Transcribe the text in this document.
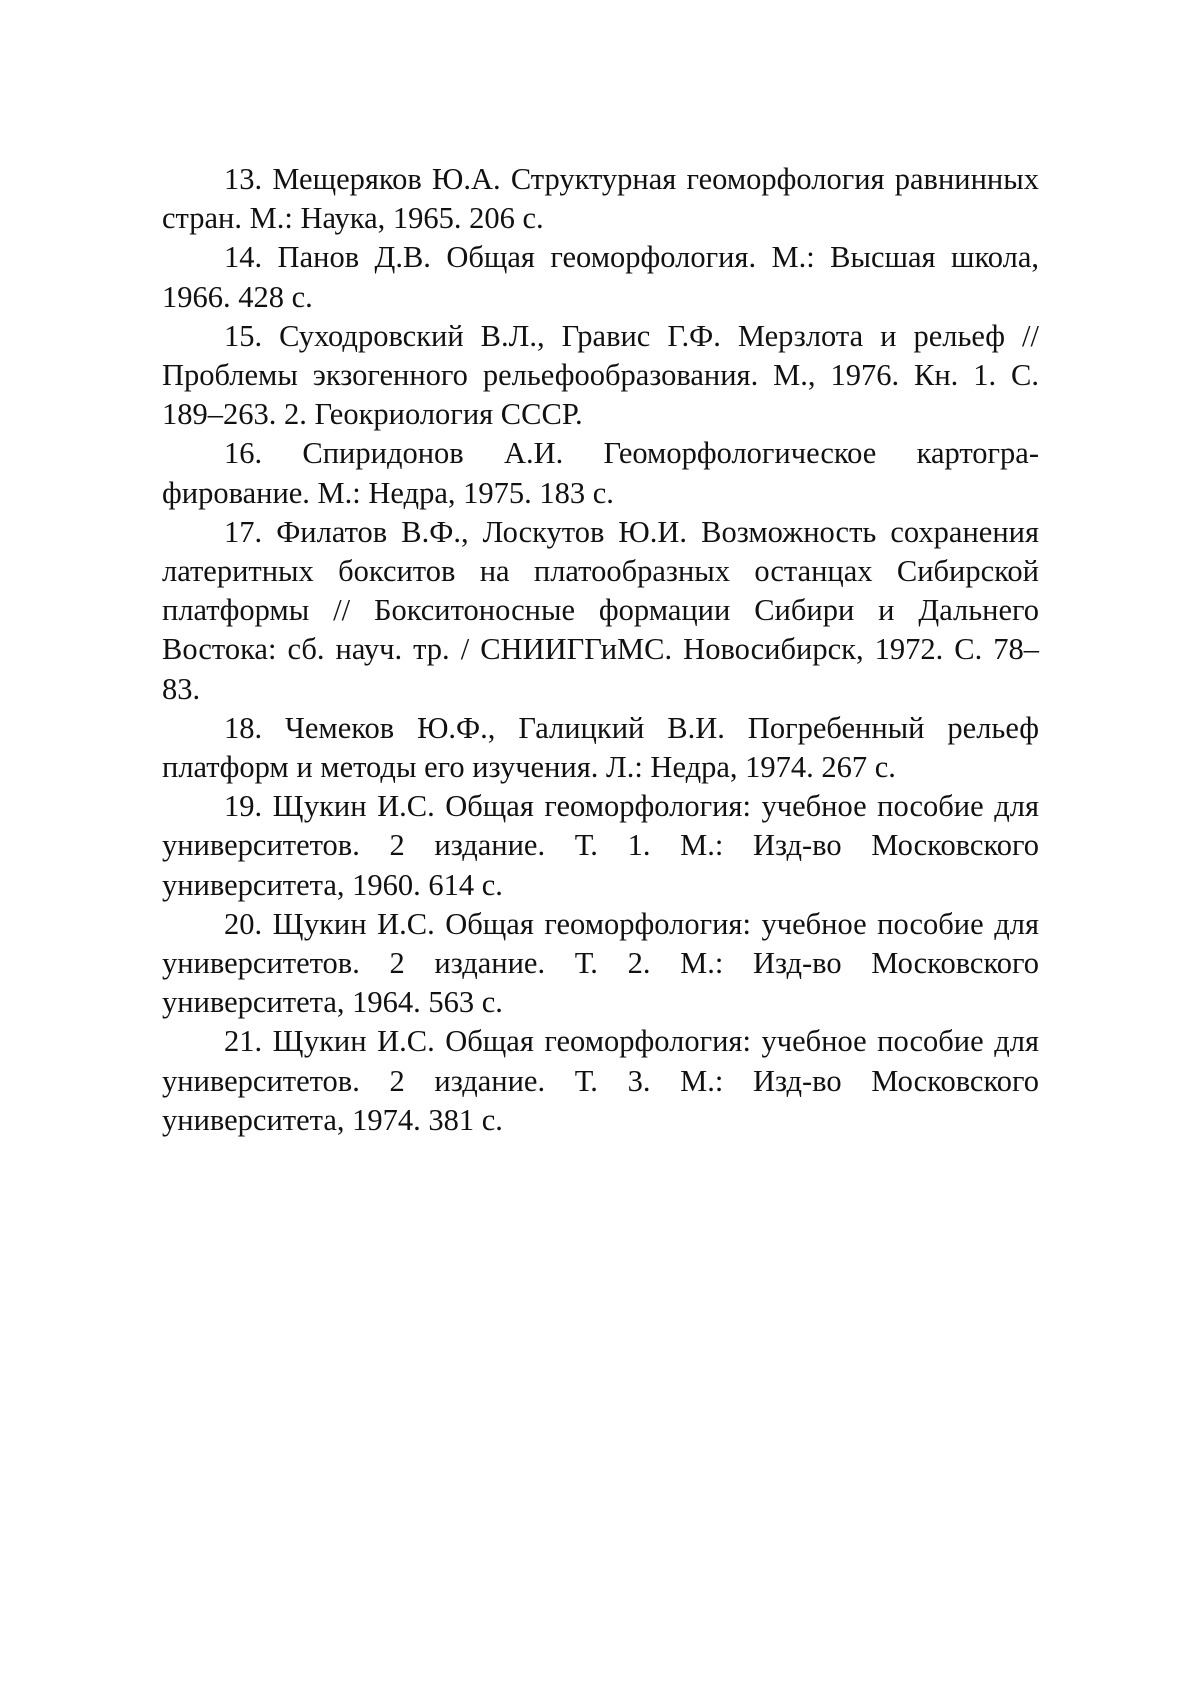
13. Мещеряков Ю.А. Структурная геоморфология равнинных стран. М.: Наука, 1965. 206 с.
14. Панов Д.В. Общая геоморфология. М.: Высшая школа, 1966. 428 с.
15. Суходровский В.Л., Гравис Г.Ф. Мерзлота и рельеф // Проблемы экзогенного рельефообразования. М., 1976. Кн. 1. С. 189–263. 2. Геокриология СССР.
16. Спиридонов А.И. Геоморфологическое картографирование. М.: Недра, 1975. 183 с.
17. Филатов В.Ф., Лоскутов Ю.И. Возможность сохранения латеритных бокситов на платообразных останцах Сибирской платформы // Бокситоносные формации Сибири и Дальнего Востока: сб. науч. тр. / СНИИГГиМС. Новосибирск, 1972. С. 78–83.
18. Чемеков Ю.Ф., Галицкий В.И. Погребенный рельеф платформ и методы его изучения. Л.: Недра, 1974. 267 с.
19. Щукин И.С. Общая геоморфология: учебное пособие для университетов. 2 издание. Т. 1. М.: Изд-во Московского университета, 1960. 614 с.
20. Щукин И.С. Общая геоморфология: учебное пособие для университетов. 2 издание. Т. 2. М.: Изд-во Московского университета, 1964. 563 с.
21. Щукин И.С. Общая геоморфология: учебное пособие для университетов. 2 издание. Т. 3. М.: Изд-во Московского университета, 1974. 381 с.
